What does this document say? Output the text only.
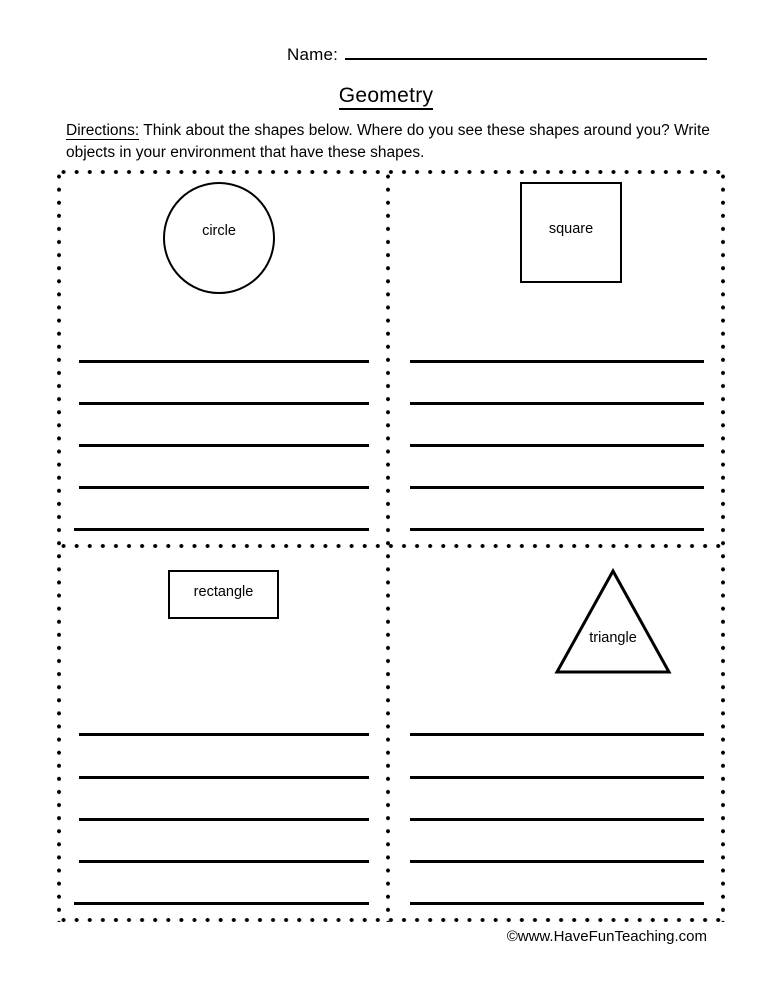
Name:
Geometry
Directions: Think about the shapes below. Where do you see these shapes around you? Write objects in your environment that have these shapes.
circle	square
rectangle
triangle
©www.HaveFunTeaching.com
